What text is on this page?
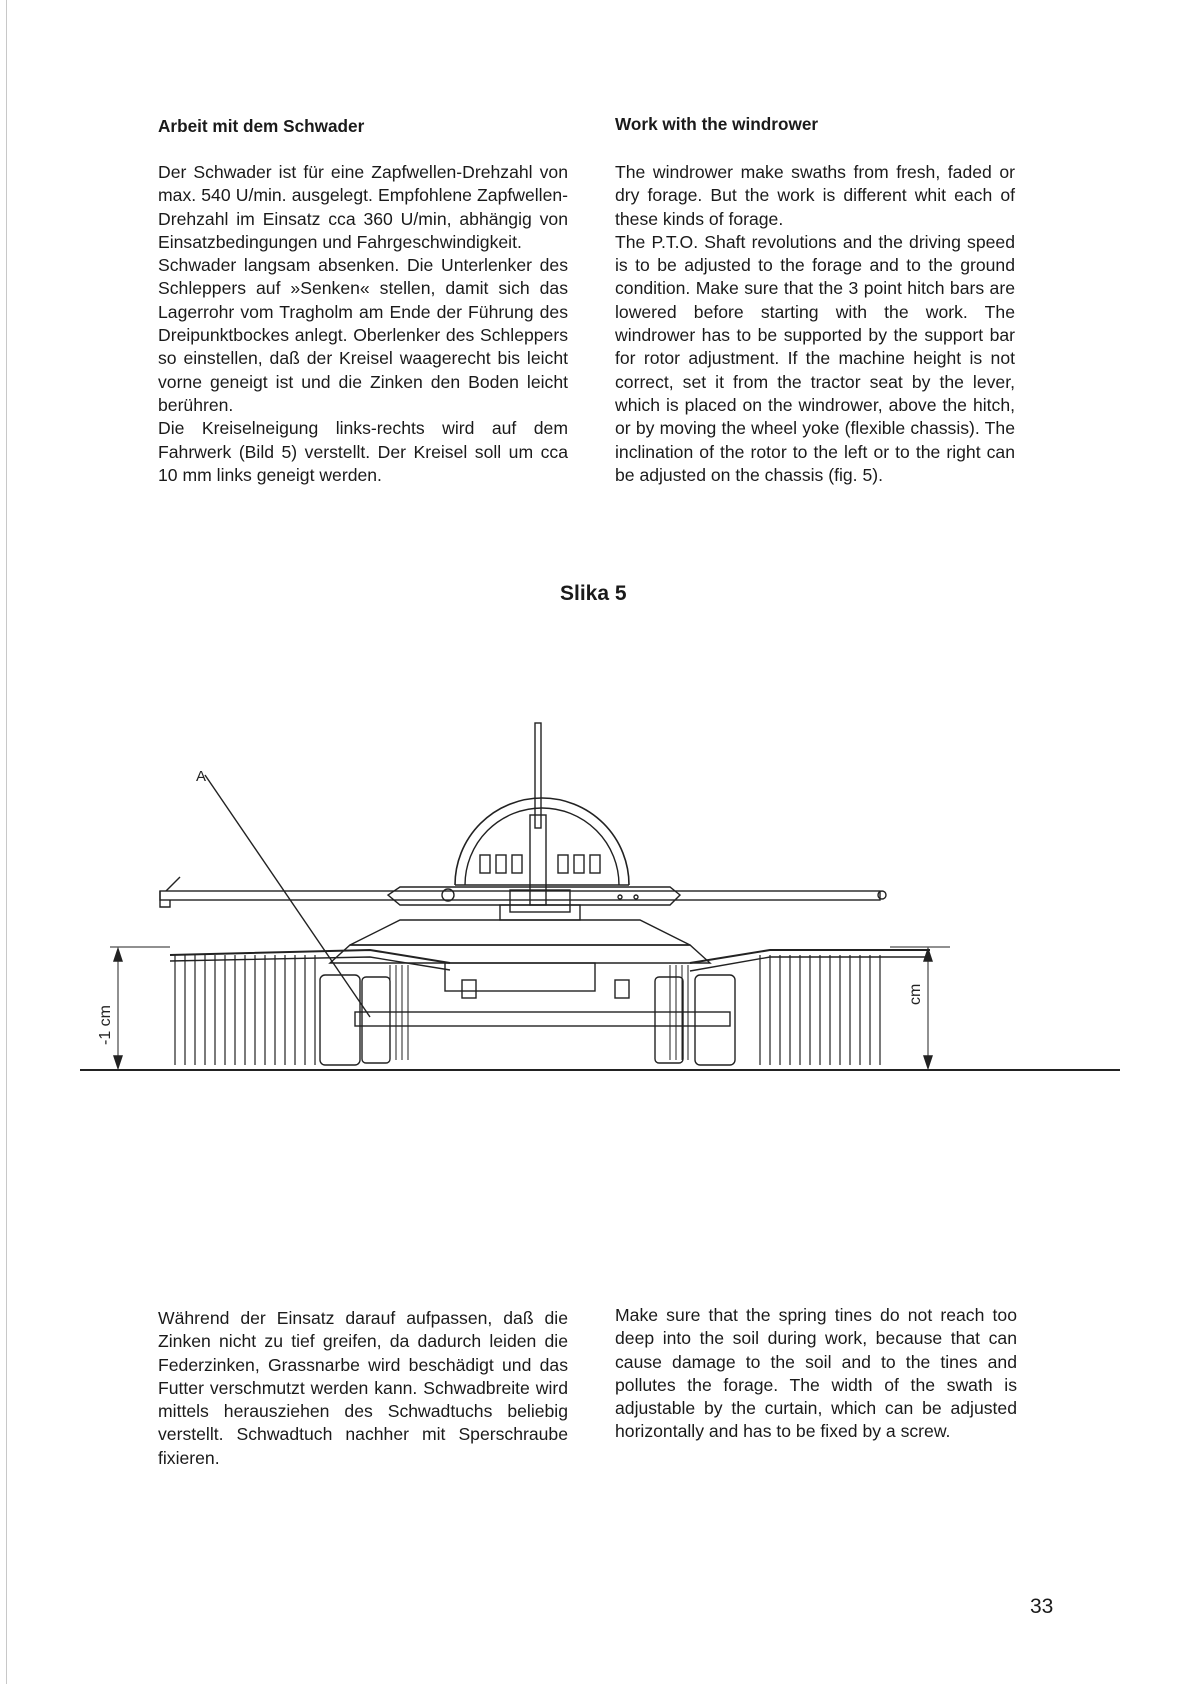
Arbeit mit dem Schwader	Work with the windrower

Der Schwader ist für eine Zapfwellen-Drehzahl von max. 540 U/min. ausgelegt. Empfohlene Zapfwellen-Drehzahl im Einsatz cca 360 U/min, abhängig von Einsatzbedingungen und Fahrgeschwindigkeit.

Schwader langsam absenken. Die Unterlenker des Schleppers auf »Senken« stellen, damit sich das Lagerrohr vom Tragholm am Ende der Führung des Dreipunktbockes anlegt. Oberlenker des Schleppers so einstellen, daß der Kreisel waagerecht bis leicht vorne geneigt ist und die Zinken den Boden leicht berühren.

Die Kreiselneigung links-rechts wird auf dem Fahrwerk (Bild 5) verstellt. Der Kreisel soll um cca 10 mm links geneigt werden.

The windrower make swaths from fresh, faded or dry forage. But the work is different whit each of these kinds of forage.

The P.T.O. Shaft revolutions and the driving speed is to be adjusted to the forage and to the ground condition. Make sure that the 3 point hitch bars are lowered before starting with the work. The windrower has to be supported by the support bar for rotor adjustment. If the machine height is not correct, set it from the tractor seat by the lever, which is placed on the windrower, above the hitch, or by moving the wheel yoke (flexible chassis). The inclination of the rotor to the left or to the right can be adjusted on the chassis (fig. 5).

Slika 5
A
-1 cm
cm

Während der Einsatz darauf aufpassen, daß die Zinken nicht zu tief greifen, da dadurch leiden die Federzinken, Grassnarbe wird beschädigt und das Futter verschmutzt werden kann. Schwadbreite wird mittels herausziehen des Schwadtuchs beliebig verstellt. Schwadtuch nachher mit Sperschraube fixieren.

Make sure that the spring tines do not reach too deep into the soil during work, because that can cause damage to the soil and to the tines and pollutes the forage. The width of the swath is adjustable by the curtain, which can be adjusted horizontally and has to be fixed by a screw.

33
